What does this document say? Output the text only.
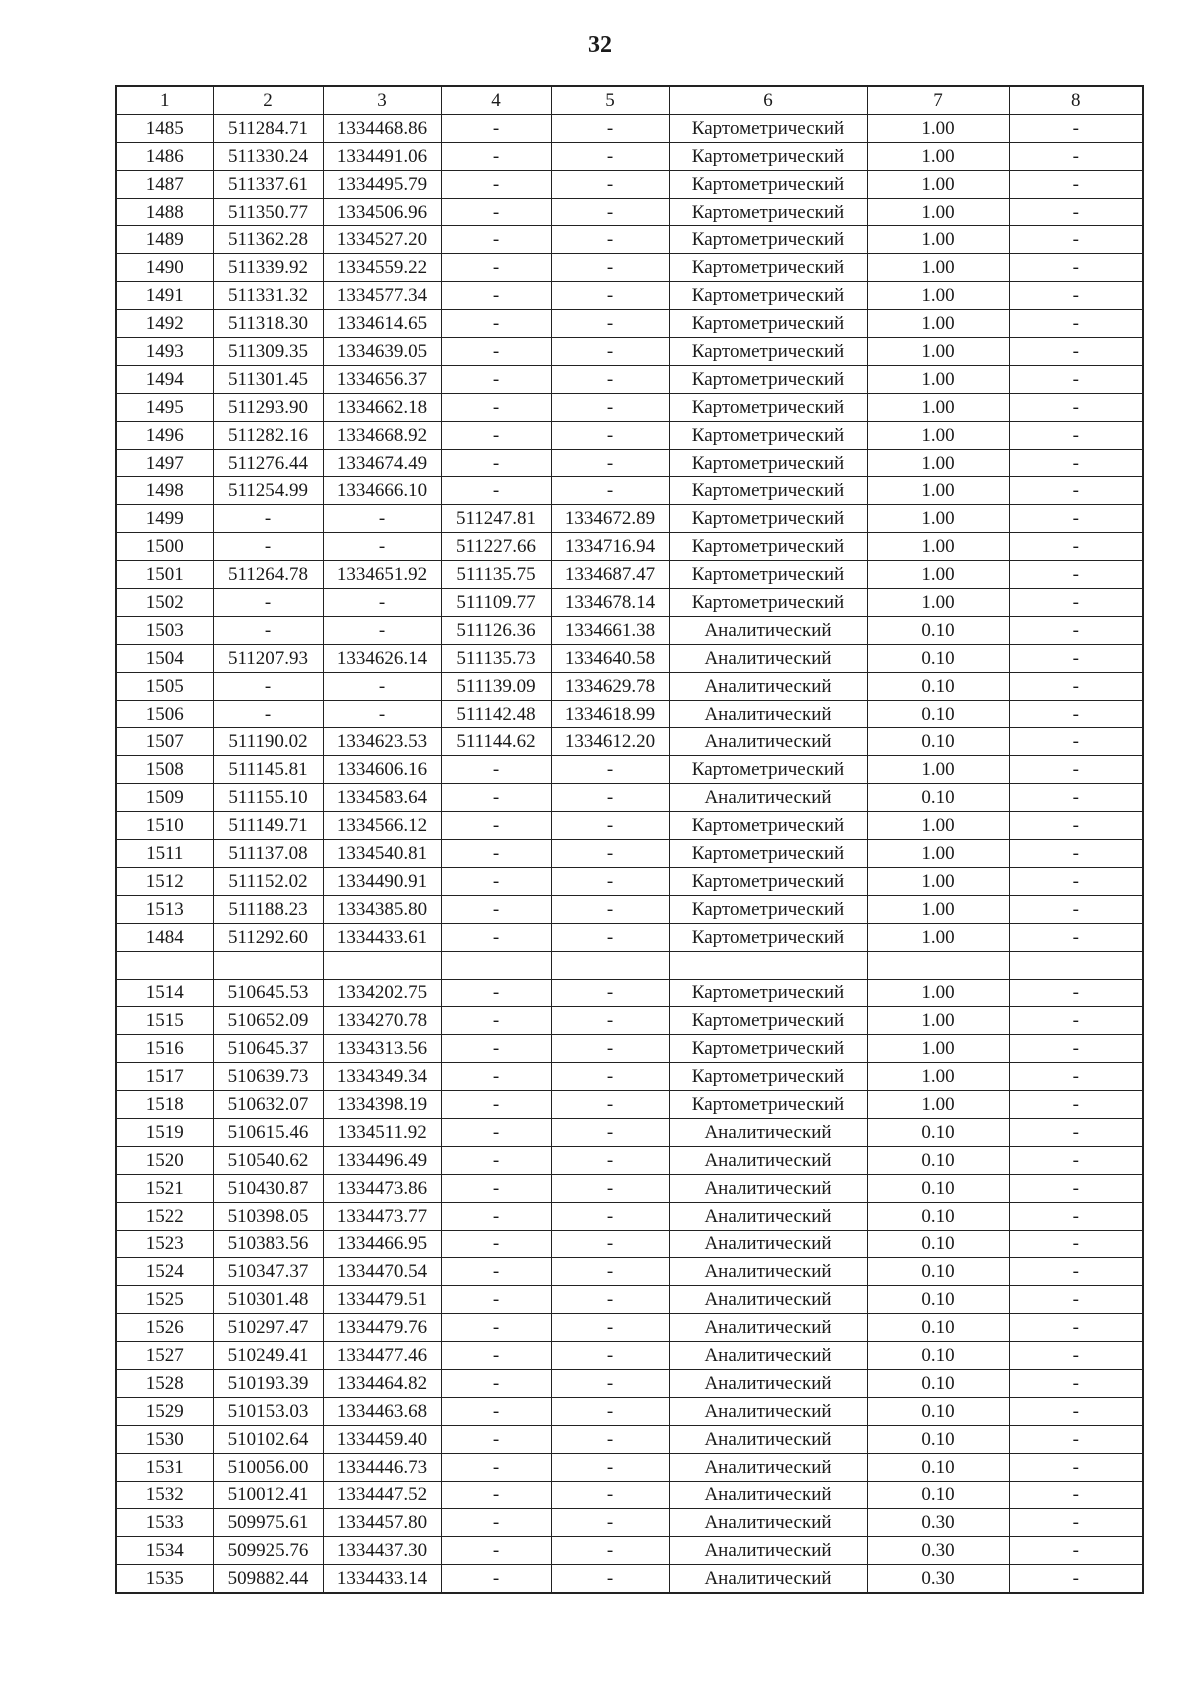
32
1	2	3	4	5	6	7	8
1485	511284.71	1334468.86	-	-	Картометрический	1.00	-
1486	511330.24	1334491.06	-	-	Картометрический	1.00	-
1487	511337.61	1334495.79	-	-	Картометрический	1.00	-
1488	511350.77	1334506.96	-	-	Картометрический	1.00	-
1489	511362.28	1334527.20	-	-	Картометрический	1.00	-
1490	511339.92	1334559.22	-	-	Картометрический	1.00	-
1491	511331.32	1334577.34	-	-	Картометрический	1.00	-
1492	511318.30	1334614.65	-	-	Картометрический	1.00	-
1493	511309.35	1334639.05	-	-	Картометрический	1.00	-
1494	511301.45	1334656.37	-	-	Картометрический	1.00	-
1495	511293.90	1334662.18	-	-	Картометрический	1.00	-
1496	511282.16	1334668.92	-	-	Картометрический	1.00	-
1497	511276.44	1334674.49	-	-	Картометрический	1.00	-
1498	511254.99	1334666.10	-	-	Картометрический	1.00	-
1499	-	-	511247.81	1334672.89	Картометрический	1.00	-
1500	-	-	511227.66	1334716.94	Картометрический	1.00	-
1501	511264.78	1334651.92	511135.75	1334687.47	Картометрический	1.00	-
1502	-	-	511109.77	1334678.14	Картометрический	1.00	-
1503	-	-	511126.36	1334661.38	Аналитический	0.10	-
1504	511207.93	1334626.14	511135.73	1334640.58	Аналитический	0.10	-
1505	-	-	511139.09	1334629.78	Аналитический	0.10	-
1506	-	-	511142.48	1334618.99	Аналитический	0.10	-
1507	511190.02	1334623.53	511144.62	1334612.20	Аналитический	0.10	-
1508	511145.81	1334606.16	-	-	Картометрический	1.00	-
1509	511155.10	1334583.64	-	-	Аналитический	0.10	-
1510	511149.71	1334566.12	-	-	Картометрический	1.00	-
1511	511137.08	1334540.81	-	-	Картометрический	1.00	-
1512	511152.02	1334490.91	-	-	Картометрический	1.00	-
1513	511188.23	1334385.80	-	-	Картометрический	1.00	-
1484	511292.60	1334433.61	-	-	Картометрический	1.00	-

1514	510645.53	1334202.75	-	-	Картометрический	1.00	-
1515	510652.09	1334270.78	-	-	Картометрический	1.00	-
1516	510645.37	1334313.56	-	-	Картометрический	1.00	-
1517	510639.73	1334349.34	-	-	Картометрический	1.00	-
1518	510632.07	1334398.19	-	-	Картометрический	1.00	-
1519	510615.46	1334511.92	-	-	Аналитический	0.10	-
1520	510540.62	1334496.49	-	-	Аналитический	0.10	-
1521	510430.87	1334473.86	-	-	Аналитический	0.10	-
1522	510398.05	1334473.77	-	-	Аналитический	0.10	-
1523	510383.56	1334466.95	-	-	Аналитический	0.10	-
1524	510347.37	1334470.54	-	-	Аналитический	0.10	-
1525	510301.48	1334479.51	-	-	Аналитический	0.10	-
1526	510297.47	1334479.76	-	-	Аналитический	0.10	-
1527	510249.41	1334477.46	-	-	Аналитический	0.10	-
1528	510193.39	1334464.82	-	-	Аналитический	0.10	-
1529	510153.03	1334463.68	-	-	Аналитический	0.10	-
1530	510102.64	1334459.40	-	-	Аналитический	0.10	-
1531	510056.00	1334446.73	-	-	Аналитический	0.10	-
1532	510012.41	1334447.52	-	-	Аналитический	0.10	-
1533	509975.61	1334457.80	-	-	Аналитический	0.30	-
1534	509925.76	1334437.30	-	-	Аналитический	0.30	-
1535	509882.44	1334433.14	-	-	Аналитический	0.30	-
